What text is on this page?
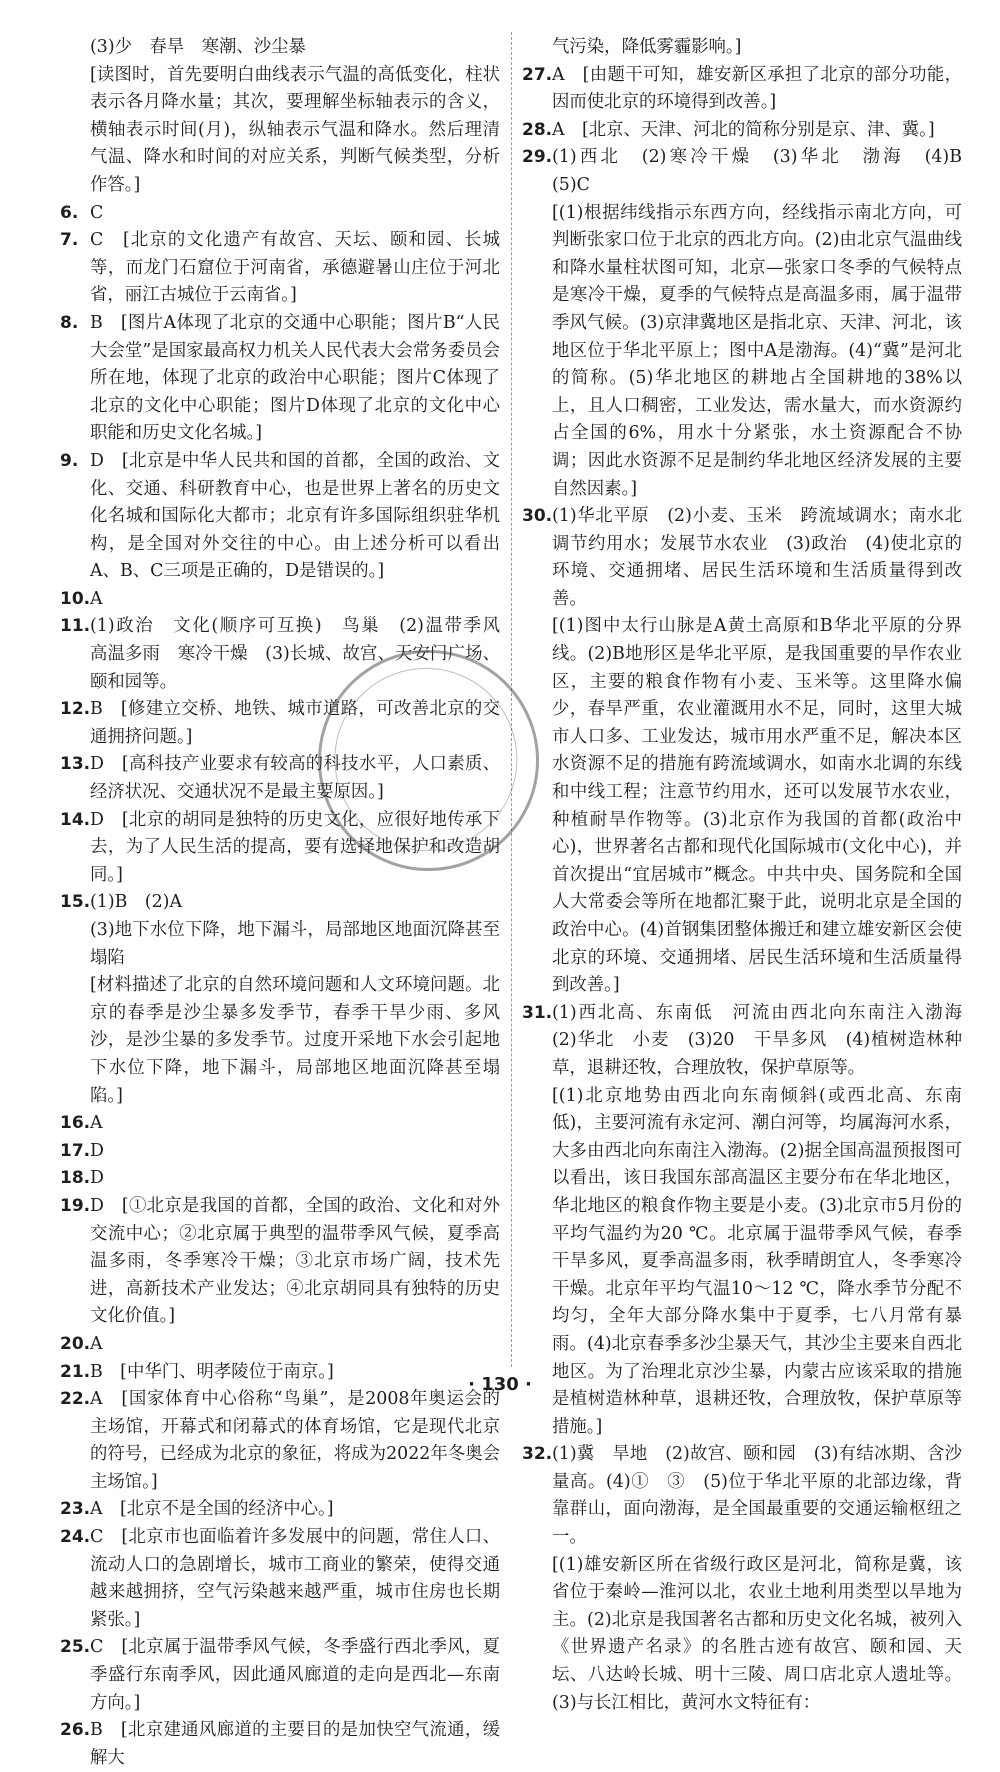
(3)少　春旱　寒潮、沙尘暴
[读图时，首先要明白曲线表示气温的高低变化，柱状表示各月降水量；其次，要理解坐标轴表示的含义，横轴表示时间(月)，纵轴表示气温和降水。然后理清气温、降水和时间的对应关系，判断气候类型，分析作答。]
6. C
7. C　[北京的文化遗产有故宫、天坛、颐和园、长城等，而龙门石窟位于河南省，承德避暑山庄位于河北省，丽江古城位于云南省。]
8. B　[图片A体现了北京的交通中心职能；图片B“人民大会堂”是国家最高权力机关人民代表大会常务委员会所在地，体现了北京的政治中心职能；图片C体现了北京的文化中心职能；图片D体现了北京的文化中心职能和历史文化名城。]
9. D　[北京是中华人民共和国的首都，全国的政治、文化、交通、科研教育中心，也是世界上著名的历史文化名城和国际化大都市；北京有许多国际组织驻华机构，是全国对外交往的中心。由上述分析可以看出A、B、C三项是正确的，D是错误的。]
10. A
11. (1)政治　文化(顺序可互换)　鸟巢　(2)温带季风　高温多雨　寒冷干燥　(3)长城、故宫、天安门广场、颐和园等。
12. B　[修建立交桥、地铁、城市道路，可改善北京的交通拥挤问题。]
13. D　[高科技产业要求有较高的科技水平，人口素质、经济状况、交通状况不是最主要原因。]
14. D　[北京的胡同是独特的历史文化，应很好地传承下去，为了人民生活的提高，要有选择地保护和改造胡同。]
15. (1)B　(2)A
(3)地下水位下降，地下漏斗，局部地区地面沉降甚至塌陷
[材料描述了北京的自然环境问题和人文环境问题。北京的春季是沙尘暴多发季节，春季干旱少雨、多风沙，是沙尘暴的多发季节。过度开采地下水会引起地下水位下降，地下漏斗，局部地区地面沉降甚至塌陷。]
16. A
17. D
18. D
19. D　[①北京是我国的首都，全国的政治、文化和对外交流中心；②北京属于典型的温带季风气候，夏季高温多雨，冬季寒冷干燥；③北京市场广阔，技术先进，高新技术产业发达；④北京胡同具有独特的历史文化价值。]
20. A
21. B　[中华门、明孝陵位于南京。]
22. A　[国家体育中心俗称“鸟巢”，是2008年奥运会的主场馆，开幕式和闭幕式的体育场馆，它是现代北京的符号，已经成为北京的象征，将成为2022年冬奥会主场馆。]
23. A　[北京不是全国的经济中心。]
24. C　[北京市也面临着许多发展中的问题，常住人口、流动人口的急剧增长，城市工商业的繁荣，使得交通越来越拥挤，空气污染越来越严重，城市住房也长期紧张。]
25. C　[北京属于温带季风气候，冬季盛行西北季风，夏季盛行东南季风，因此通风廊道的走向是西北—东南方向。]
26. B　[北京建通风廊道的主要目的是加快空气流通，缓解大
气污染，降低雾霾影响。]
27. A　[由题干可知，雄安新区承担了北京的部分功能，因而使北京的环境得到改善。]
28. A　[北京、天津、河北的简称分别是京、津、冀。]
29. (1)西北　(2)寒冷干燥　(3)华北　渤海　(4)B　(5)C
[(1)根据纬线指示东西方向，经线指示南北方向，可判断张家口位于北京的西北方向。(2)由北京气温曲线和降水量柱状图可知，北京—张家口冬季的气候特点是寒冷干燥，夏季的气候特点是高温多雨，属于温带季风气候。(3)京津冀地区是指北京、天津、河北，该地区位于华北平原上；图中A是渤海。(4)“冀”是河北的简称。(5)华北地区的耕地占全国耕地的38%以上，且人口稠密，工业发达，需水量大，而水资源约占全国的6%，用水十分紧张，水土资源配合不协调；因此水资源不足是制约华北地区经济发展的主要自然因素。]
30. (1)华北平原　(2)小麦、玉米　跨流域调水；南水北调节约用水；发展节水农业　(3)政治　(4)使北京的环境、交通拥堵、居民生活环境和生活质量得到改善。
[(1)图中太行山脉是A黄土高原和B华北平原的分界线。(2)B地形区是华北平原，是我国重要的旱作农业区，主要的粮食作物有小麦、玉米等。这里降水偏少，春旱严重，农业灌溉用水不足，同时，这里大城市人口多、工业发达，城市用水严重不足，解决本区水资源不足的措施有跨流域调水，如南水北调的东线和中线工程；注意节约用水，还可以发展节水农业，种植耐旱作物等。(3)北京作为我国的首都(政治中心)，世界著名古都和现代化国际城市(文化中心)，并首次提出“宜居城市”概念。中共中央、国务院和全国人大常委会等所在地都汇聚于此，说明北京是全国的政治中心。(4)首钢集团整体搬迁和建立雄安新区会使北京的环境、交通拥堵、居民生活环境和生活质量得到改善。]
31. (1)西北高、东南低　河流由西北向东南注入渤海　(2)华北　小麦　(3)20　干旱多风　(4)植树造林种草，退耕还牧，合理放牧，保护草原等。
[(1)北京地势由西北向东南倾斜(或西北高、东南低)，主要河流有永定河、潮白河等，均属海河水系，大多由西北向东南注入渤海。(2)据全国高温预报图可以看出，该日我国东部高温区主要分布在华北地区，华北地区的粮食作物主要是小麦。(3)北京市5月份的平均气温约为20 ℃。北京属于温带季风气候，春季干旱多风，夏季高温多雨，秋季晴朗宜人，冬季寒冷干燥。北京年平均气温10～12 ℃，降水季节分配不均匀，全年大部分降水集中于夏季，七八月常有暴雨。(4)北京春季多沙尘暴天气，其沙尘主要来自西北地区。为了治理北京沙尘暴，内蒙古应该采取的措施是植树造林种草，退耕还牧，合理放牧，保护草原等措施。]
32. (1)冀　旱地　(2)故宫、颐和园　(3)有结冰期、含沙量高。(4)①　③　(5)位于华北平原的北部边缘，背靠群山，面向渤海，是全国最重要的交通运输枢纽之一。
[(1)雄安新区所在省级行政区是河北，简称是冀，该省位于秦岭—淮河以北，农业土地利用类型以旱地为主。(2)北京是我国著名古都和历史文化名城，被列入《世界遗产名录》的名胜古迹有故宫、颐和园、天坛、八达岭长城、明十三陵、周口店北京人遗址等。(3)与长江相比，黄河水文特征有：
· 130 ·
